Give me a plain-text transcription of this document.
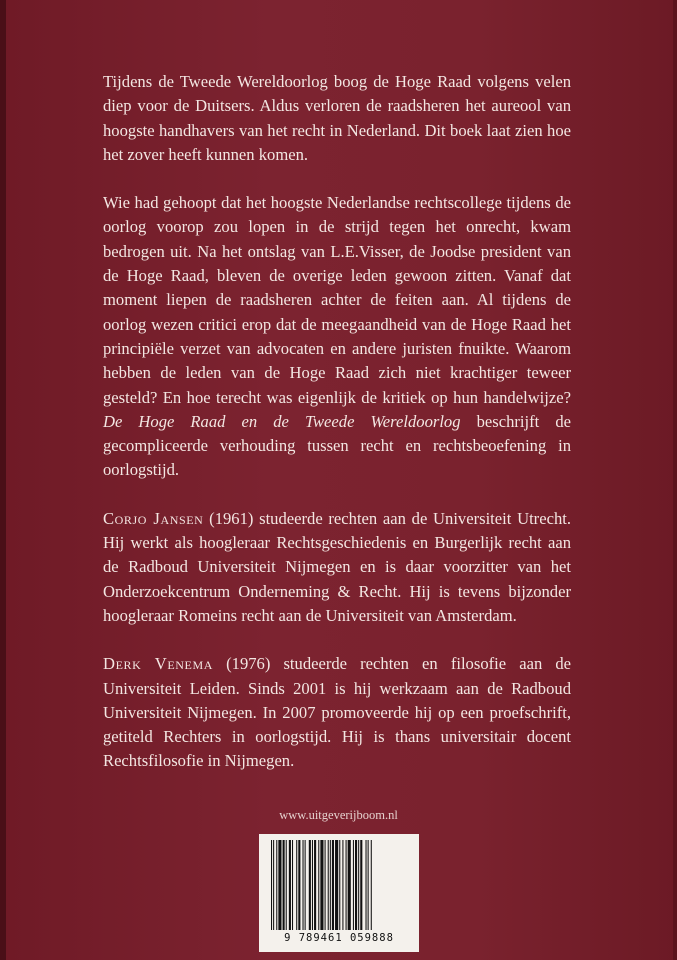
Tijdens de Tweede Wereldoorlog boog de Hoge Raad volgens velen diep voor de Duitsers. Aldus verloren de raadsheren het aureool van hoogste handhavers van het recht in Nederland. Dit boek laat zien hoe het zover heeft kunnen komen.

Wie had gehoopt dat het hoogste Nederlandse rechtscollege tijdens de oorlog voorop zou lopen in de strijd tegen het onrecht, kwam bedrogen uit. Na het ontslag van L.E.Visser, de Joodse president van de Hoge Raad, bleven de overige leden gewoon zitten. Vanaf dat moment liepen de raadsheren achter de feiten aan. Al tijdens de oorlog wezen critici erop dat de meegaandheid van de Hoge Raad het principiële verzet van advocaten en andere juristen fnuikte. Waarom hebben de leden van de Hoge Raad zich niet krachtiger teweer gesteld? En hoe terecht was eigenlijk de kritiek op hun handelwijze? De Hoge Raad en de Tweede Wereldoorlog beschrijft de gecompliceerde verhouding tussen recht en rechtsbeoefening in oorlogstijd.

Corjo Jansen (1961) studeerde rechten aan de Universiteit Utrecht. Hij werkt als hoogleraar Rechtsgeschiedenis en Burgerlijk recht aan de Radboud Universiteit Nijmegen en is daar voorzitter van het Onderzoekcentrum Onderneming & Recht. Hij is tevens bijzonder hoogleraar Romeins recht aan de Universiteit van Amsterdam.

Derk Venema (1976) studeerde rechten en filosofie aan de Universiteit Leiden. Sinds 2001 is hij werkzaam aan de Radboud Universiteit Nijmegen. In 2007 promoveerde hij op een proefschrift, getiteld Rechters in oorlogstijd. Hij is thans universitair docent Rechtsfilosofie in Nijmegen.

www.uitgeverijboom.nl
9 789461 059888
